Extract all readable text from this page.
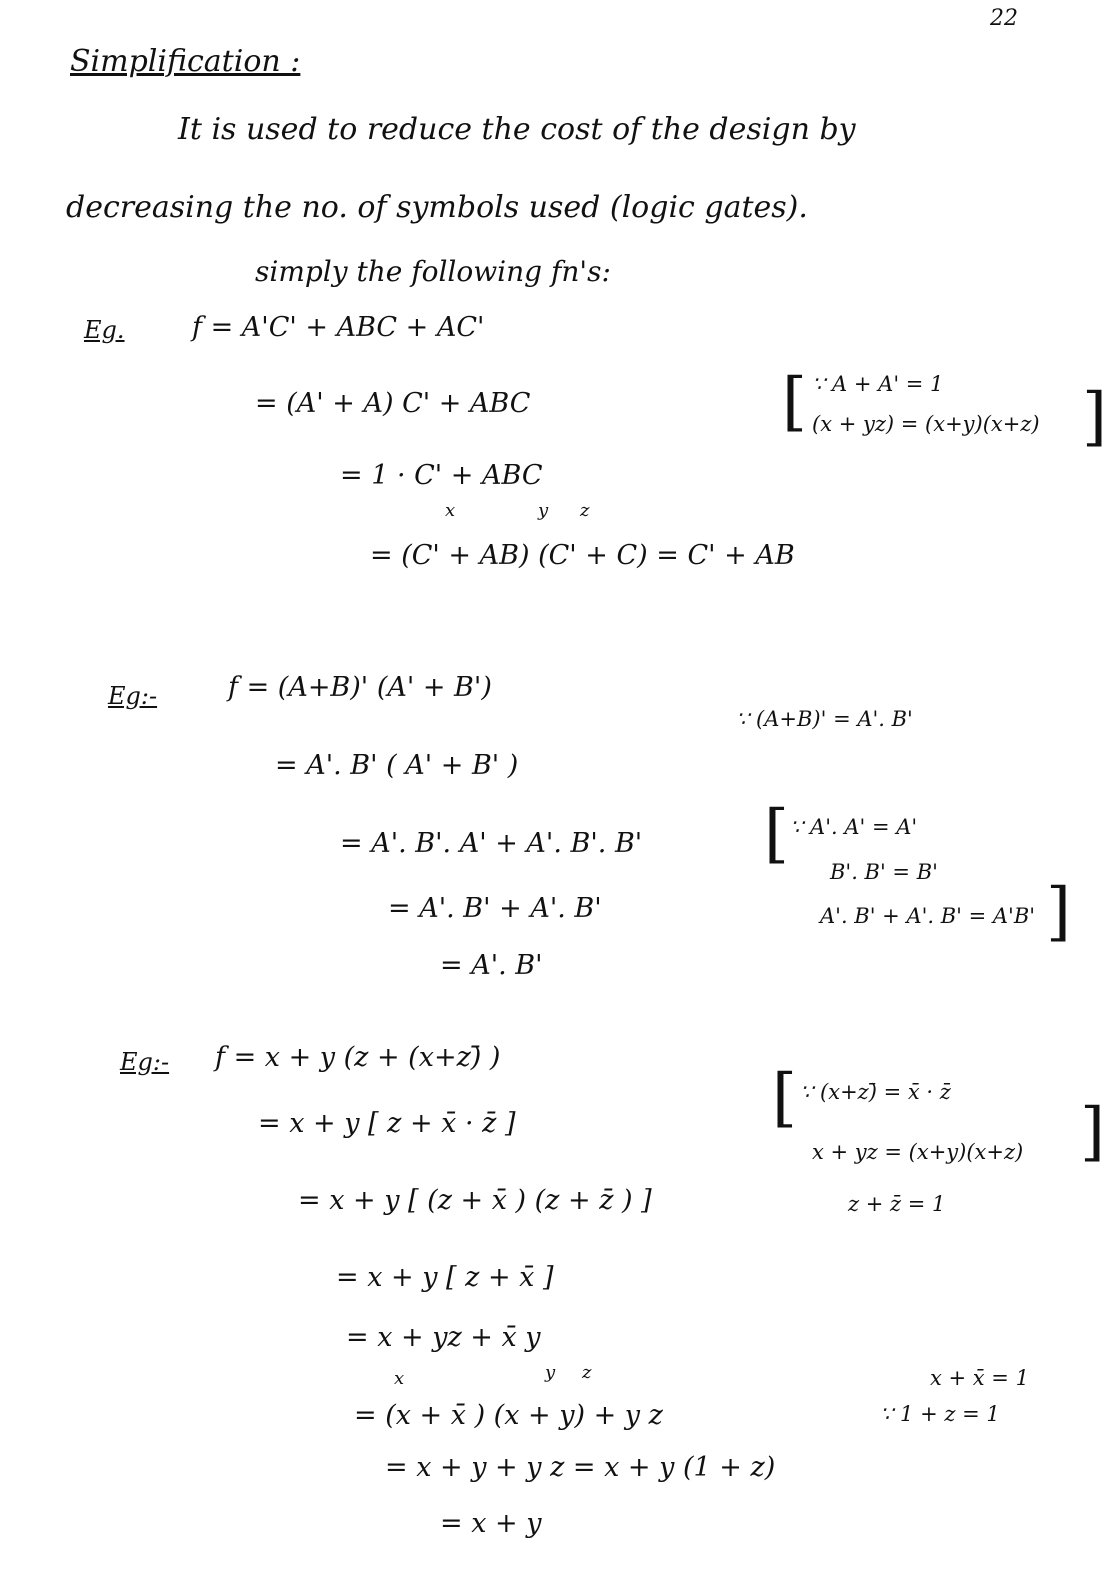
22
Simplification :
It is used to reduce the cost of the design by
decreasing the no. of symbols used (logic gates).
simply the following fn's:
Eg. f = A'C' + ABC + AC'
= (A' + A) C' + ABC
= 1 · C' + ABC
x	y z
= (C' + AB) (C' + C) = C' + AB
[ ∵ A + A' = 1
(x + yz) = (x+y)(x+z) ]
Eg:-	f = (A+B)' (A' + B')
= A'. B' ( A' + B' )
= A'. B'. A' + A'. B'. B'
= A'. B' + A'. B'
= A'. B'
∵ (A+B)' = A'. B'
[ ∵ A'. A' = A'
B'. B' = B'
A'. B' + A'. B' = A'B' ]
Eg:- f = x + y (z + (x+z)̄ )
= x + y [ z + x̄ · z̄ ]
= x + y [ (z + x̄ ) (z + z̄ ) ]
= x + y [ z + x̄ ]
= x + yz + x̄ y
x	y z
= (x + x̄ ) (x + y) + y z
= x + y + y z = x + y (1 + z)
= x + y
[ ∵ (x+z)̄ = x̄ · z̄
x + yz = (x+y)(x+z) ]
z + z̄ = 1
x + x̄ = 1
∵ 1 + z = 1
